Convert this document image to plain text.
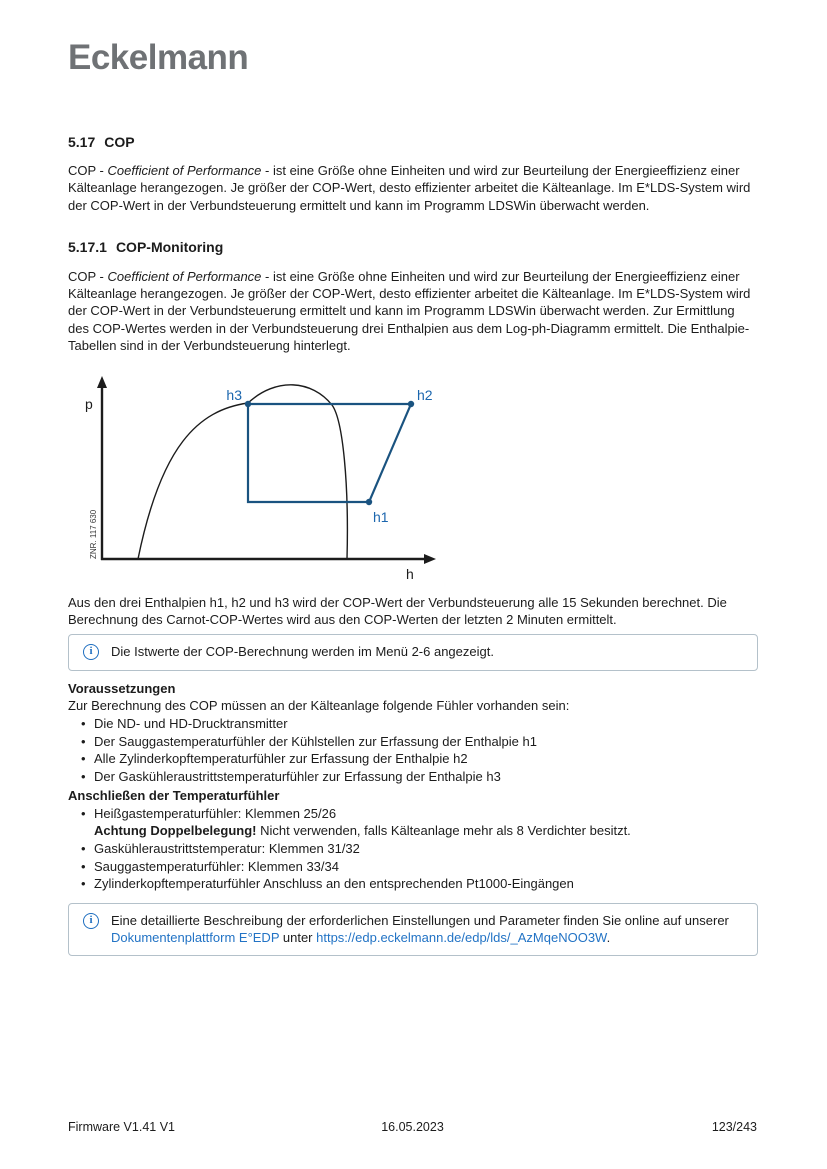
Eckelmann
5.17 COP

COP - Coefficient of Performance - ist eine Größe ohne Einheiten und wird zur Beurteilung der Energieeffizienz einer Kälteanlage herangezogen. Je größer der COP-Wert, desto effizienter arbeitet die Kälteanlage. Im E*LDS-System wird der COP-Wert in der Verbundsteuerung ermittelt und kann im Programm LDSWin überwacht werden.

5.17.1 COP-Monitoring

COP - Coefficient of Performance - ist eine Größe ohne Einheiten und wird zur Beurteilung der Energieeffizienz einer Kälteanlage herangezogen. Je größer der COP-Wert, desto effizienter arbeitet die Kälteanlage. Im E*LDS-System wird der COP-Wert in der Verbundsteuerung ermittelt und kann im Programm LDSWin überwacht werden. Zur Ermittlung des COP-Wertes werden in der Verbundsteuerung drei Enthalpien aus dem Log-ph-Diagramm ermittelt. Die Enthalpie-Tabellen sind in der Verbundsteuerung hinterlegt.

p
h
h3	h2
h1
ZNR. 117 630

Aus den drei Enthalpien h1, h2 und h3 wird der COP-Wert der Verbundsteuerung alle 15 Sekunden berechnet. Die Berechnung des Carnot-COP-Wertes wird aus den COP-Werten der letzten 2 Minuten ermittelt.

i	Die Istwerte der COP-Berechnung werden im Menü 2-6 angezeigt.
Voraussetzungen
Zur Berechnung des COP müssen an der Kälteanlage folgende Fühler vorhanden sein:
• Die ND- und HD-Drucktransmitter
• Der Sauggastemperaturfühler der Kühlstellen zur Erfassung der Enthalpie h1
• Alle Zylinderkopftemperaturfühler zur Erfassung der Enthalpie h2
• Der Gaskühleraustrittstemperaturfühler zur Erfassung der Enthalpie h3
Anschließen der Temperaturfühler
• Heißgastemperaturfühler: Klemmen 25/26
Achtung Doppelbelegung! Nicht verwenden, falls Kälteanlage mehr als 8 Verdichter besitzt.
• Gaskühleraustrittstemperatur: Klemmen 31/32
• Sauggastemperaturfühler: Klemmen 33/34
• Zylinderkopftemperaturfühler Anschluss an den entsprechenden Pt1000-Eingängen
i	Eine detaillierte Beschreibung der erforderlichen Einstellungen und Parameter finden Sie online auf unserer Dokumentenplattform E°EDP unter https://edp.eckelmann.de/edp/lds/_AzMqeNOO3W.
Firmware V1.41 V1	16.05.2023	123/243
